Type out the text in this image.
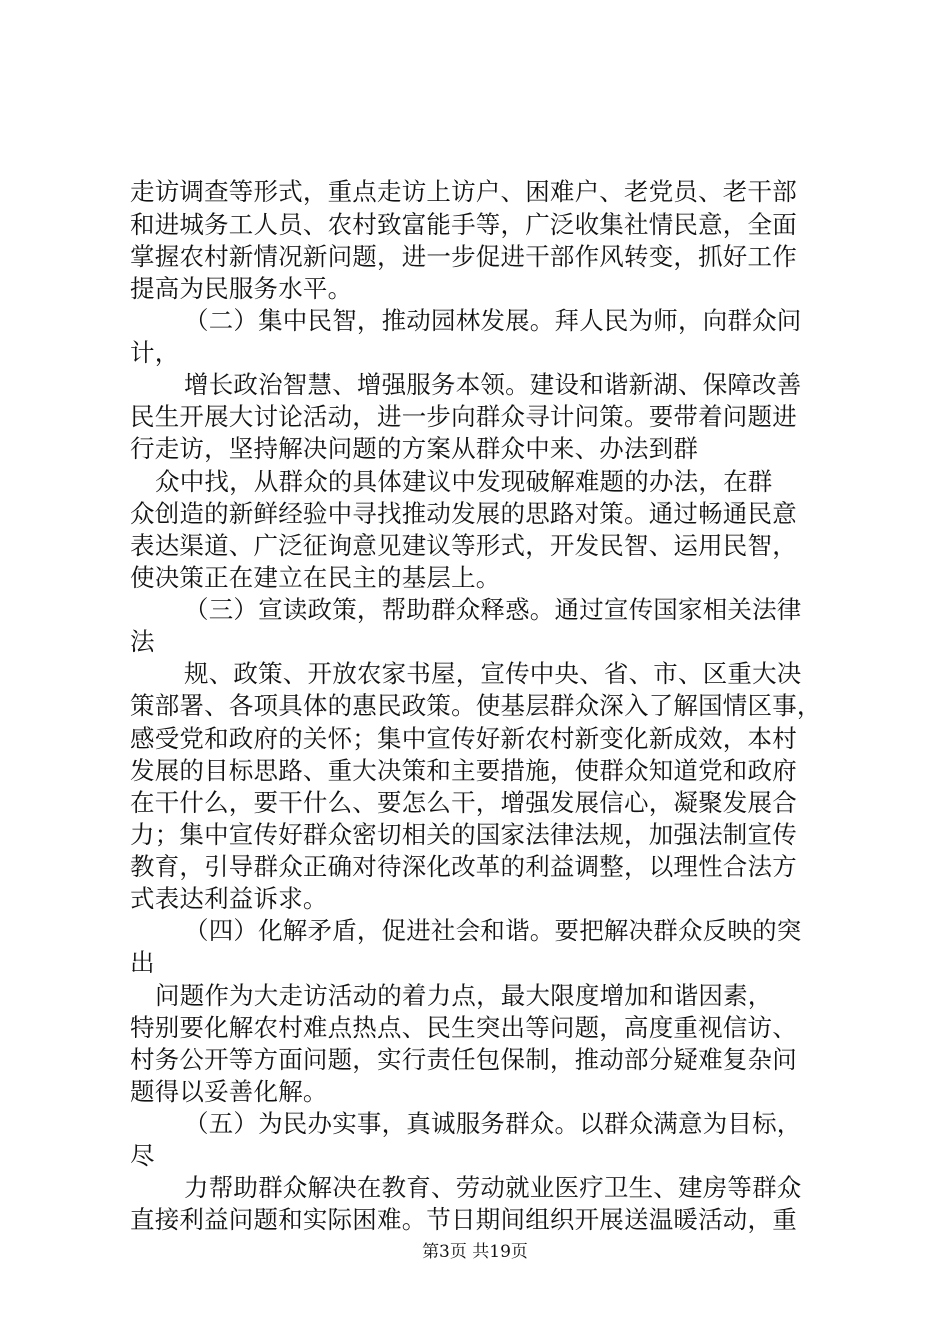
走访调查等形式，重点走访上访户、困难户、老党员、老干部
和进城务工人员、农村致富能手等，广泛收集社情民意，全面
掌握农村新情况新问题，进一步促进干部作风转变，抓好工作
提高为民服务水平。
（二）集中民智，推动园林发展。拜人民为师，向群众问
计，
增长政治智慧、增强服务本领。建设和谐新湖、保障改善
民生开展大讨论活动，进一步向群众寻计问策。要带着问题进
行走访，坚持解决问题的方案从群众中来、办法到群
众中找，从群众的具体建议中发现破解难题的办法，在群
众创造的新鲜经验中寻找推动发展的思路对策。通过畅通民意
表达渠道、广泛征询意见建议等形式，开发民智、运用民智，
使决策正在建立在民主的基层上。
（三）宣读政策，帮助群众释惑。通过宣传国家相关法律
法
规、政策、开放农家书屋，宣传中央、省、市、区重大决
策部署、各项具体的惠民政策。使基层群众深入了解国情区事，
感受党和政府的关怀；集中宣传好新农村新变化新成效，本村
发展的目标思路、重大决策和主要措施，使群众知道党和政府
在干什么，要干什么、要怎么干，增强发展信心，凝聚发展合
力；集中宣传好群众密切相关的国家法律法规，加强法制宣传
教育，引导群众正确对待深化改革的利益调整，以理性合法方
式表达利益诉求。
（四）化解矛盾，促进社会和谐。要把解决群众反映的突
出
问题作为大走访活动的着力点，最大限度增加和谐因素，
特别要化解农村难点热点、民生突出等问题，高度重视信访、
村务公开等方面问题，实行责任包保制，推动部分疑难复杂问
题得以妥善化解。
（五）为民办实事，真诚服务群众。以群众满意为目标，
尽
力帮助群众解决在教育、劳动就业医疗卫生、建房等群众
直接利益问题和实际困难。节日期间组织开展送温暖活动，重
第3页 共19页
